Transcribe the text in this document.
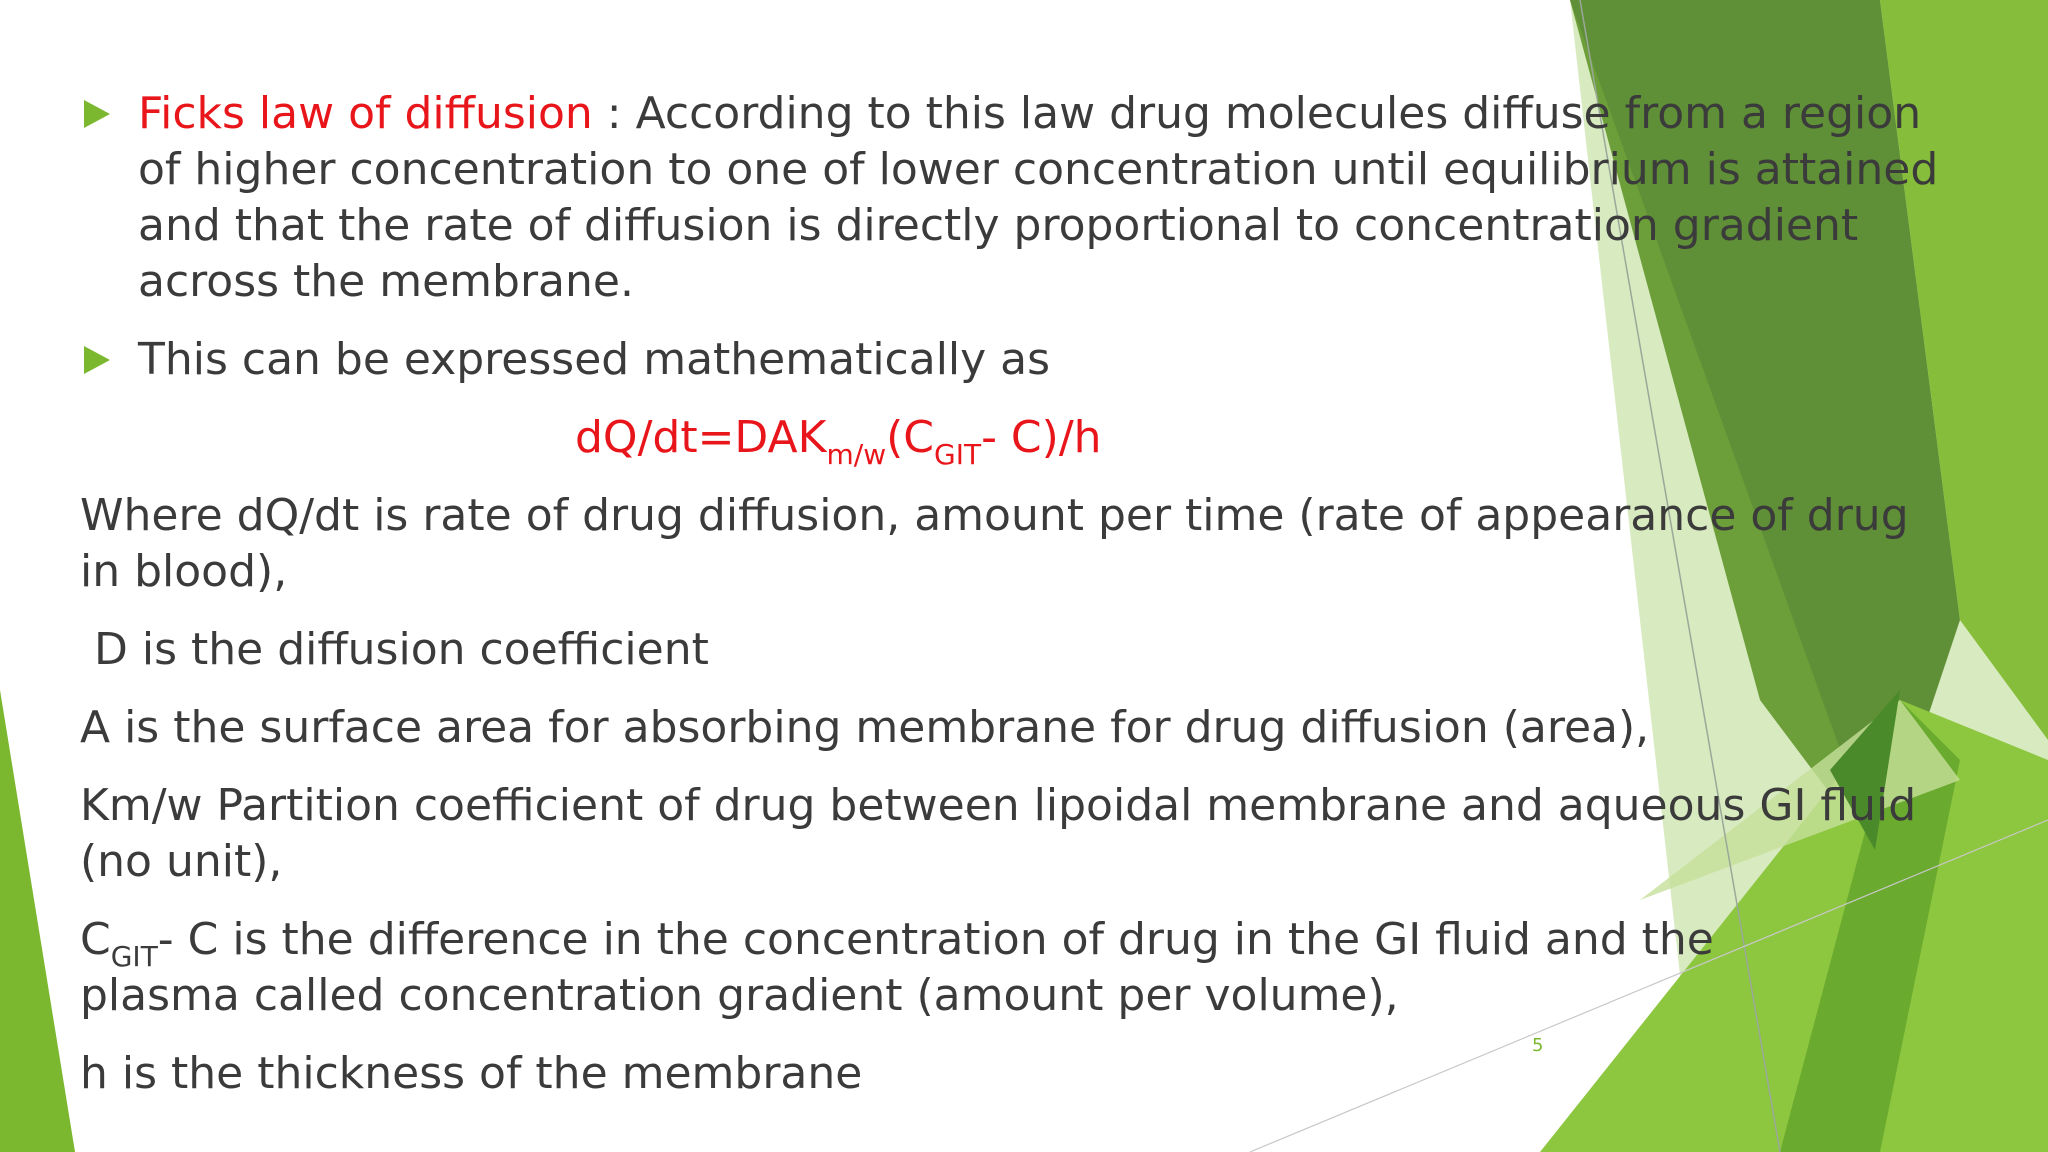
Ficks law of diffusion : According to this law drug molecules diffuse from a region of higher concentration to one of lower concentration until equilibrium is attained and that the rate of diffusion is directly proportional to concentration gradient across the membrane.
This can be expressed mathematically as
$dQ/dt=DAK_{m/w}(C_{GIT}-$ C)/h
Where dQ/dt is rate of drug diffusion, amount per time (rate of appearance of drug in blood),
D is the diffusion coefficient
A is the surface area for absorbing membrane for drug diffusion (area),
Km/w Partition coefficient of drug between lipoidal membrane and aqueous GI fluid (no unit),
$C_{GIT}-$ C is the difference in the concentration of drug in the GI fluid and the plasma called concentration gradient (amount per volume),
h is the thickness of the membrane
5
